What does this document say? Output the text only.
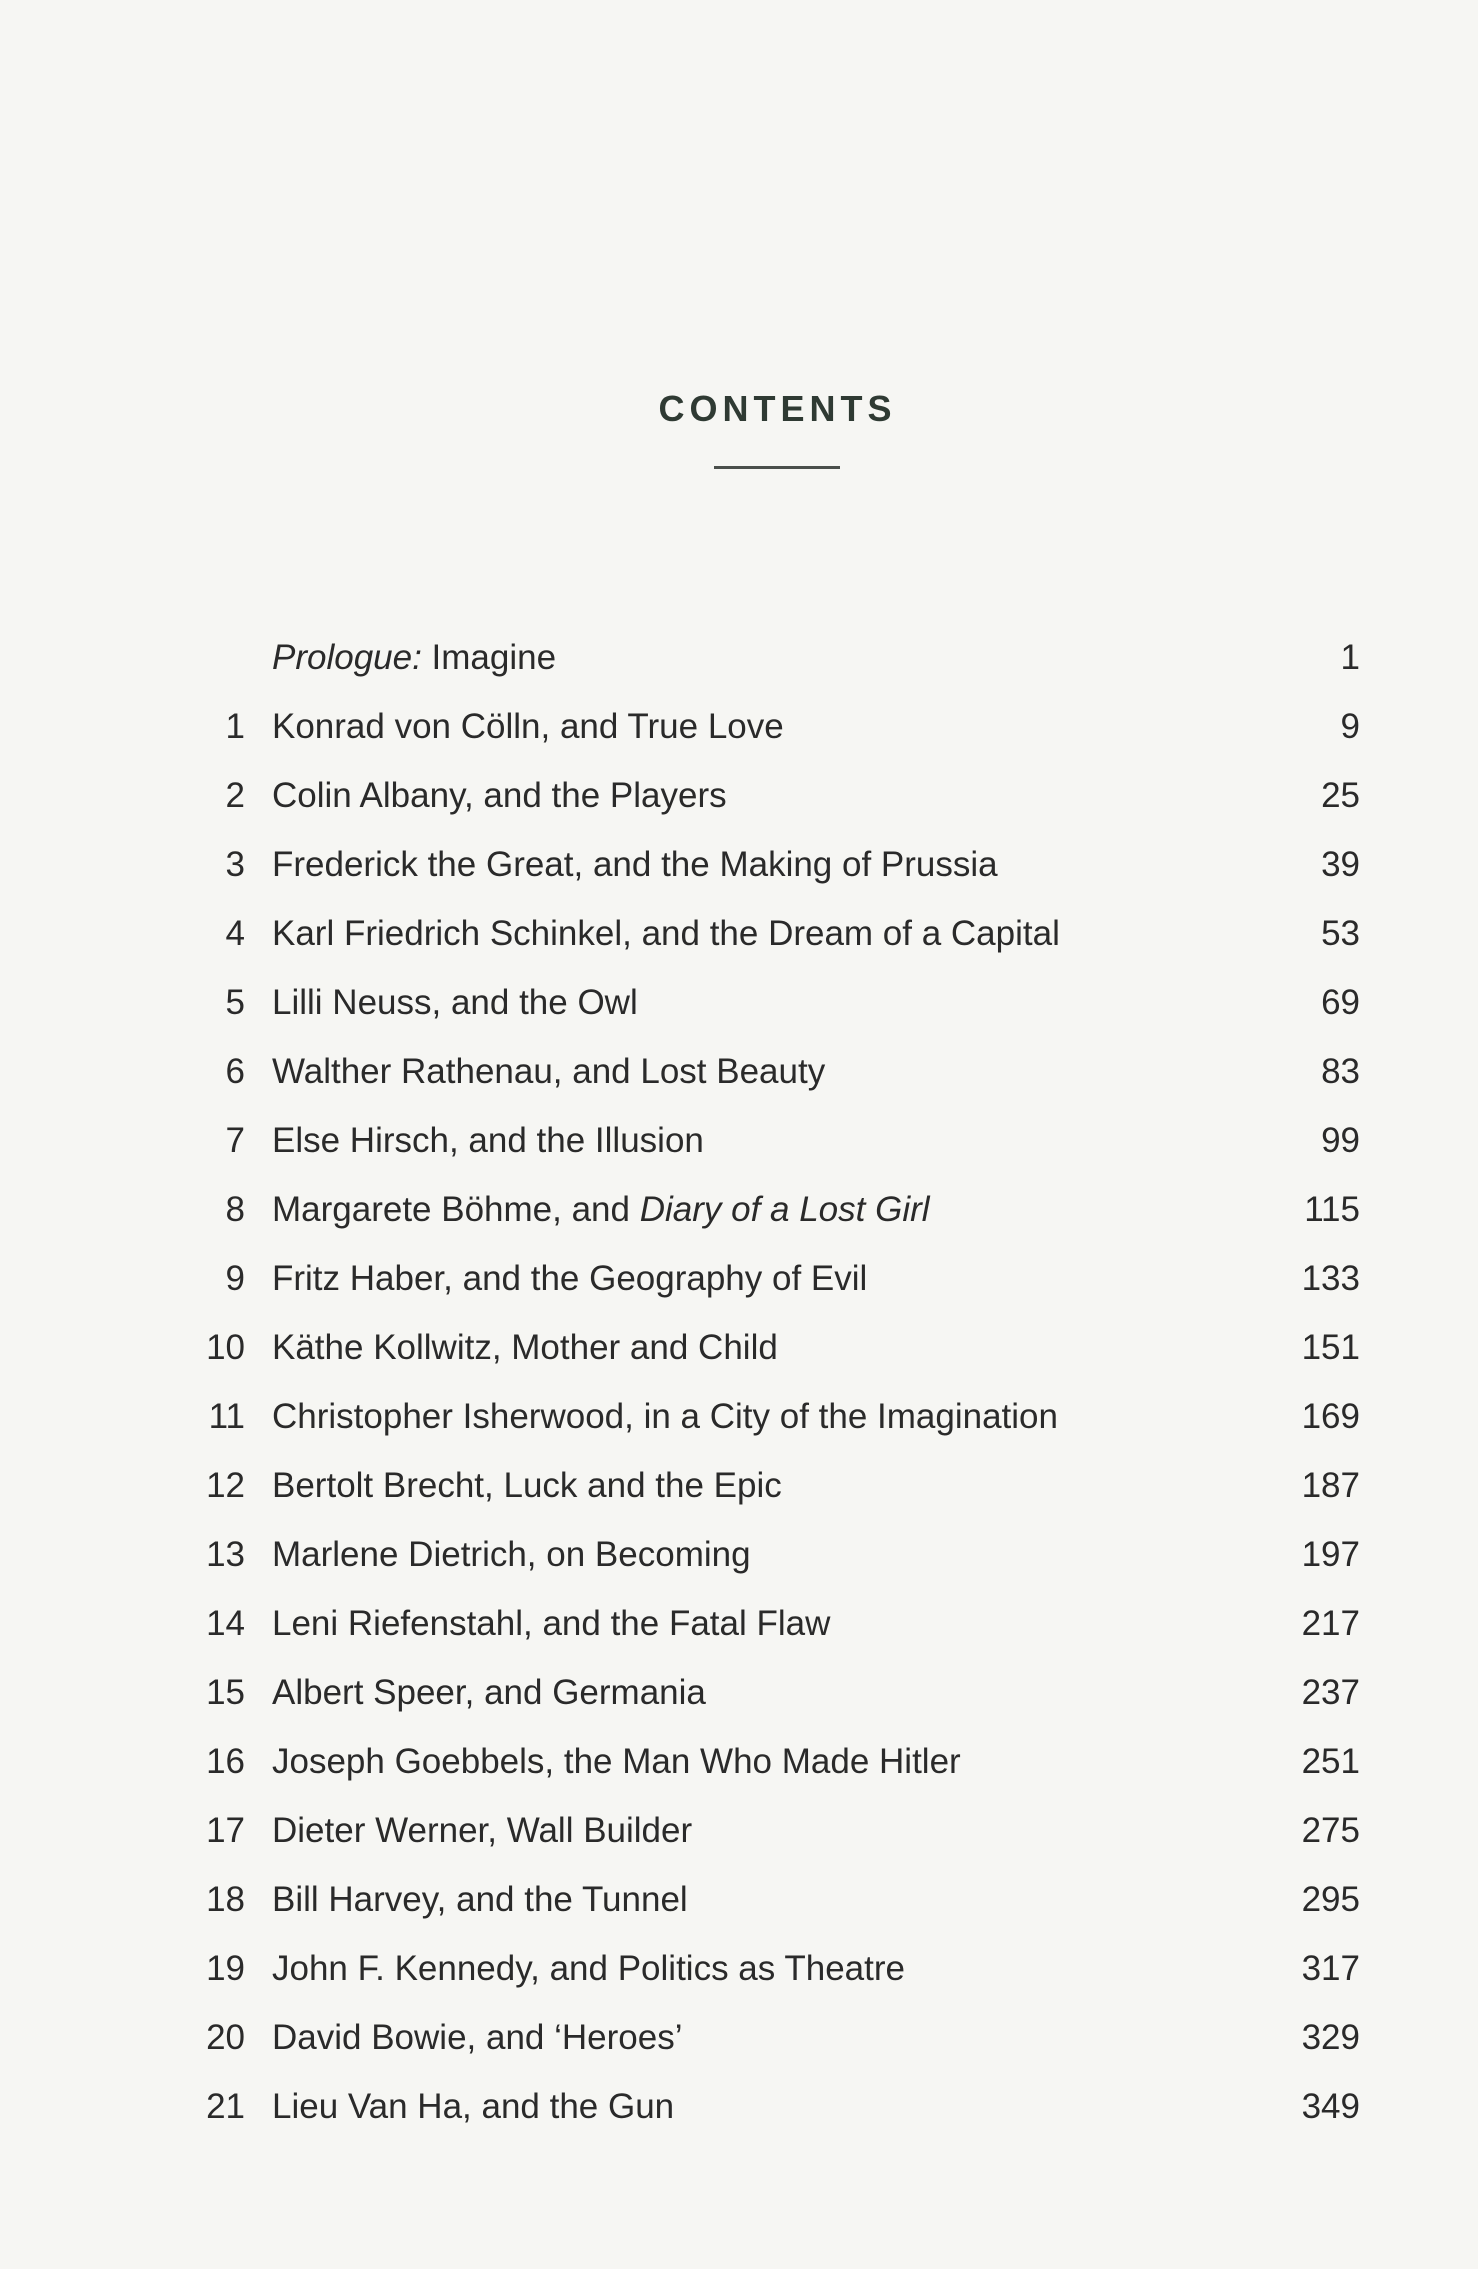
CONTENTS
Prologue: Imagine	1
1 Konrad von Cölln, and True Love	9
2 Colin Albany, and the Players	25
3 Frederick the Great, and the Making of Prussia	39
4 Karl Friedrich Schinkel, and the Dream of a Capital	53
5 Lilli Neuss, and the Owl	69
6 Walther Rathenau, and Lost Beauty	83
7 Else Hirsch, and the Illusion	99
8 Margarete Böhme, and Diary of a Lost Girl	115
9 Fritz Haber, and the Geography of Evil	133
10 Käthe Kollwitz, Mother and Child	151
11 Christopher Isherwood, in a City of the Imagination	169
12 Bertolt Brecht, Luck and the Epic	187
13 Marlene Dietrich, on Becoming	197
14 Leni Riefenstahl, and the Fatal Flaw	217
15 Albert Speer, and Germania	237
16 Joseph Goebbels, the Man Who Made Hitler	251
17 Dieter Werner, Wall Builder	275
18 Bill Harvey, and the Tunnel	295
19 John F. Kennedy, and Politics as Theatre	317
20 David Bowie, and ‘Heroes’	329
21 Lieu Van Ha, and the Gun	349
